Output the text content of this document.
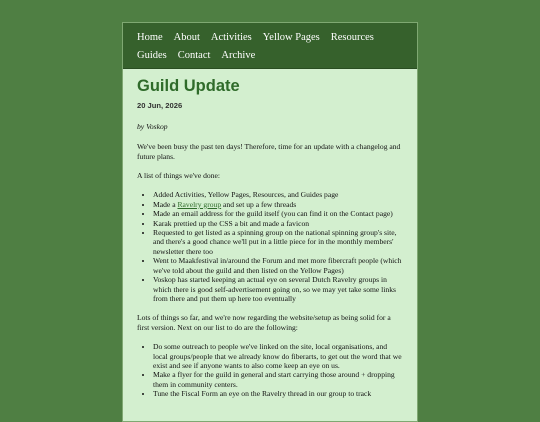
Home About Activities Yellow Pages Resources
Guides Contact Archive
Guild Update
20 Jun, 2026
by Voskop

We've been busy the past ten days! Therefore, time for an update with a changelog and future plans.

A list of things we've done:

• Added Activities, Yellow Pages, Resources, and Guides page
• Made a Ravelry group and set up a few threads
• Made an email address for the guild itself (you can find it on the Contact page)
• Karak prettied up the CSS a bit and made a favicon
• Requested to get listed as a spinning group on the national spinning group's site, and there's a good chance we'll put in a little piece for in the monthly members' newsletter there too
• Went to Maakfestival in/around the Forum and met more fibercraft people (which we've told about the guild and then listed on the Yellow Pages)
• Voskop has started keeping an actual eye on several Dutch Ravelry groups in which there is good self-advertisement going on, so we may yet take some links from there and put them up here too eventually

Lots of things so far, and we're now regarding the website/setup as being solid for a first version. Next on our list to do are the following:

• Do some outreach to people we've linked on the site, local organisations, and local groups/people that we already know do fiberarts, to get out the word that we exist and see if anyone wants to also come keep an eye on us.
• Make a flyer for the guild in general and start carrying those around + dropping them in community centers.
• Tune the Fiscal Form an eye on the Ravelry thread in our group to track
